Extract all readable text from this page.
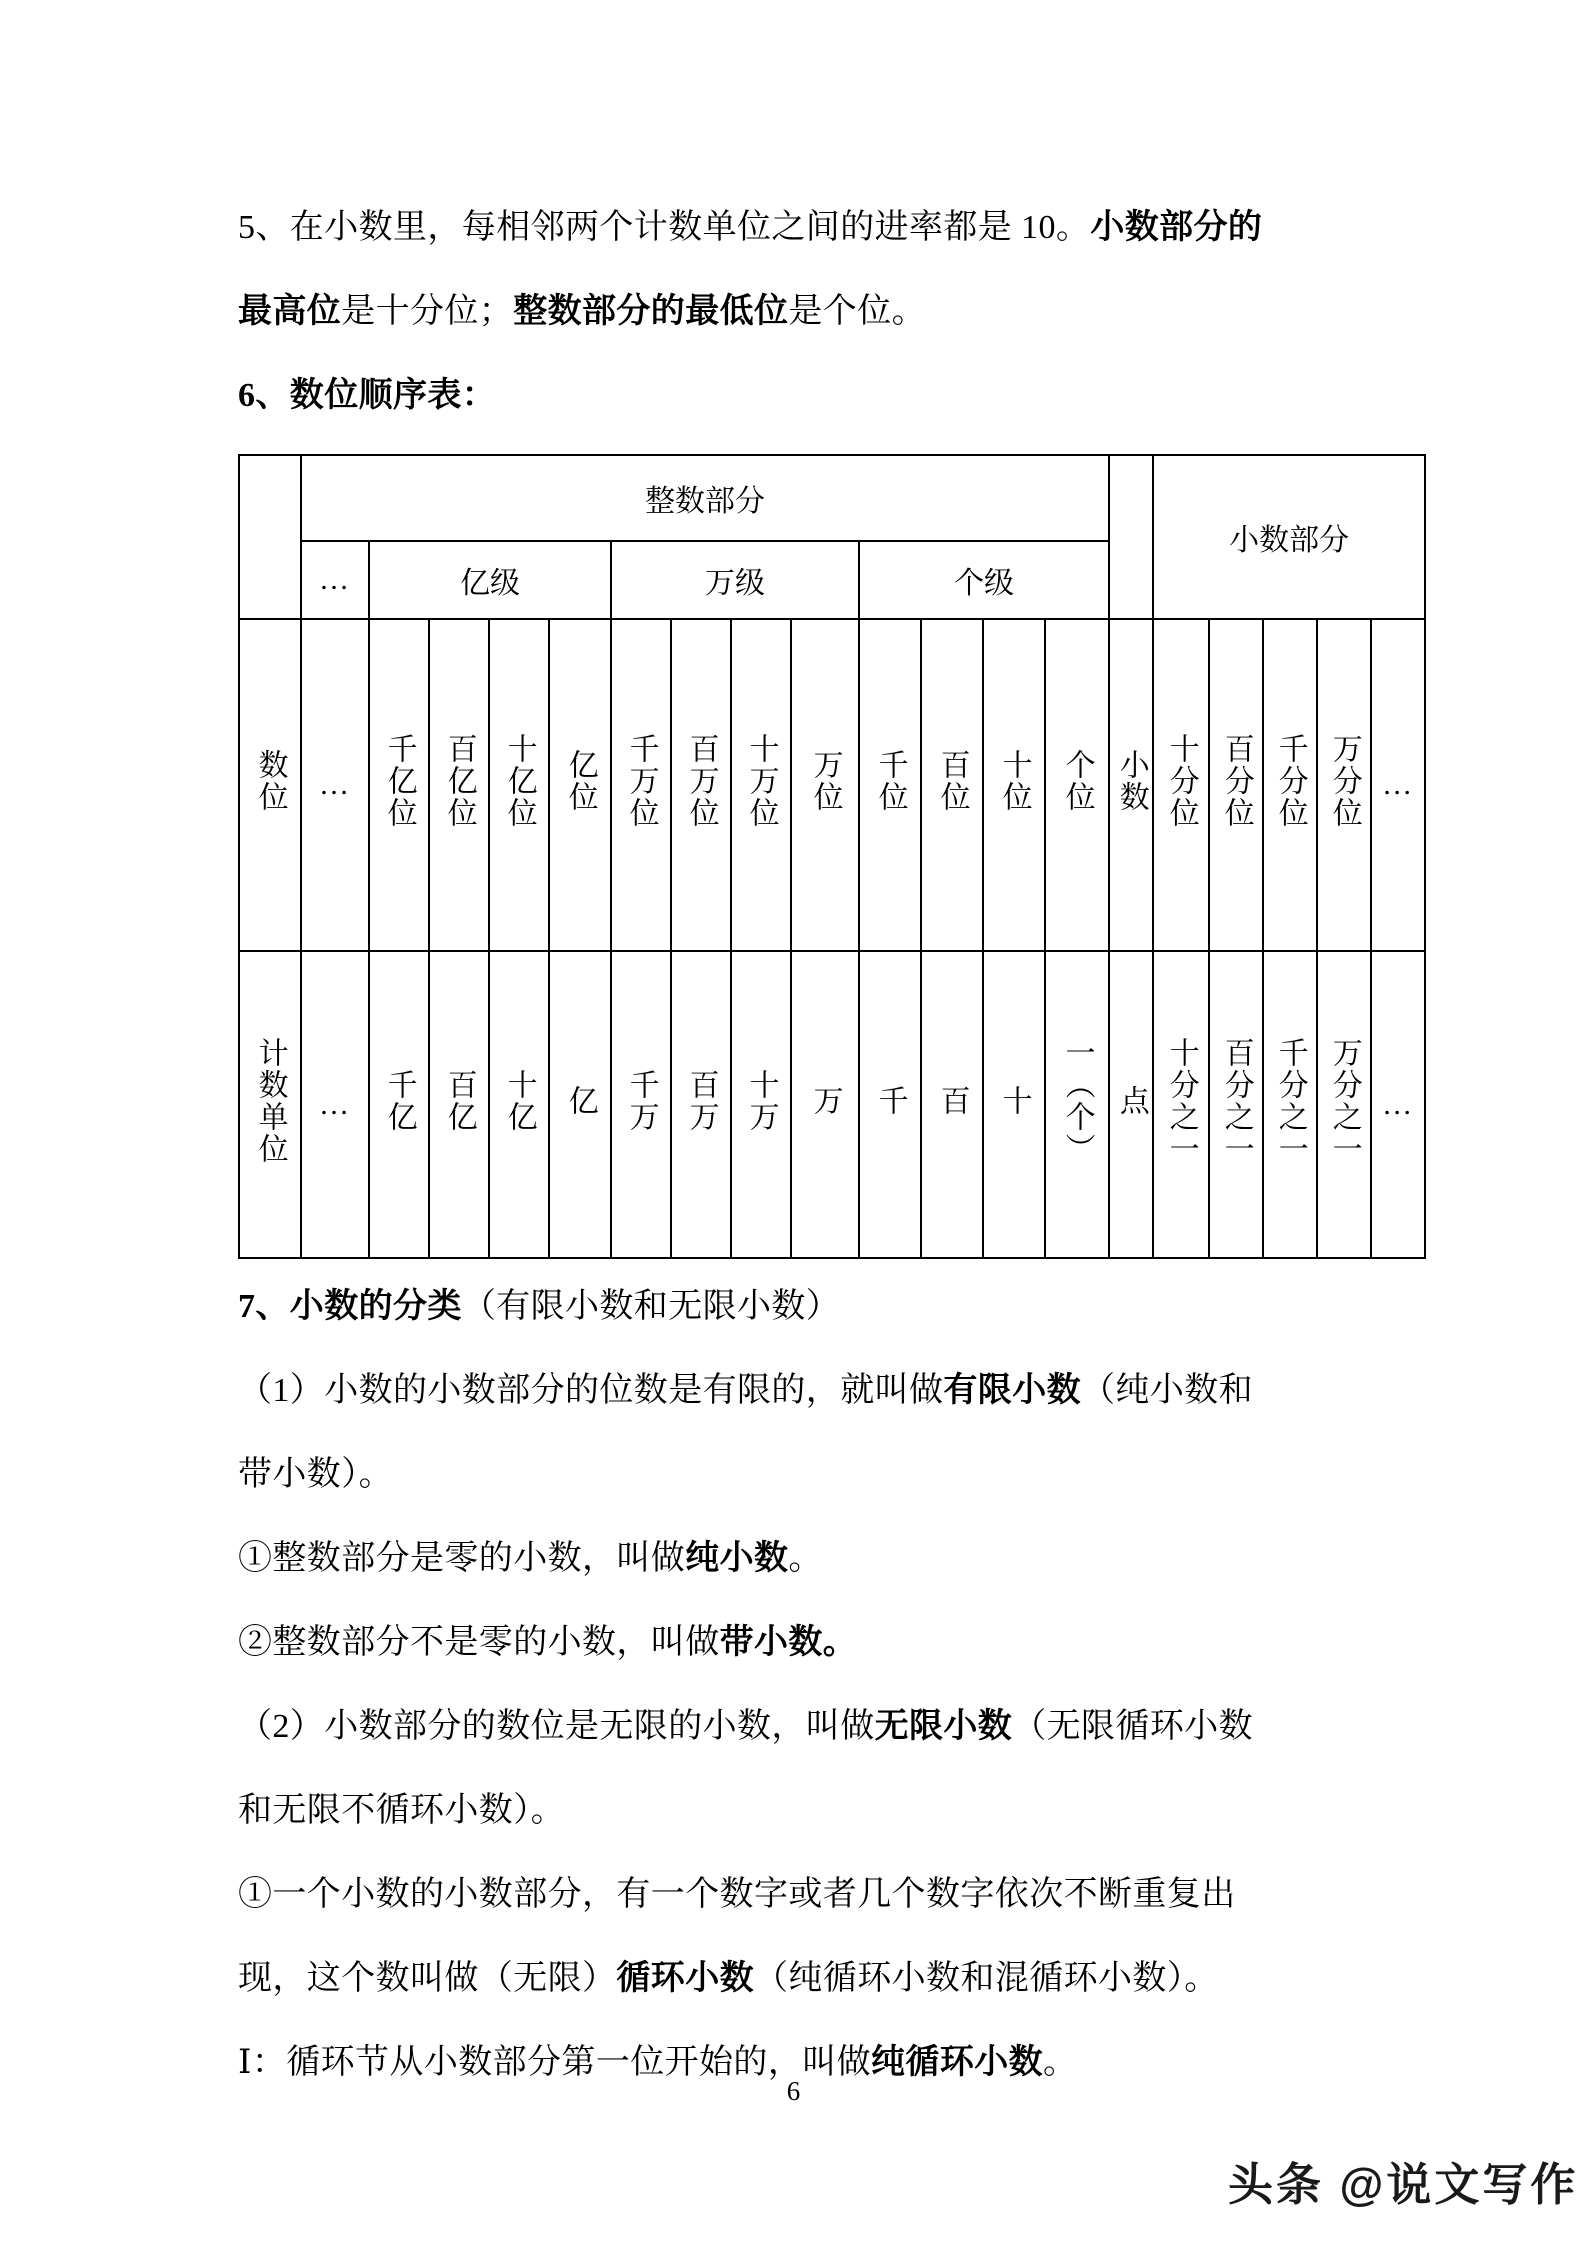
5、在小数里，每相邻两个计数单位之间的进率都是 10。小数部分的

最高位是十分位；整数部分的最低位是个位。

6、数位顺序表：

	整数部分														小数部分				
	…	亿级				万级				个级									
数位	…	千亿位	百亿位	十亿位	亿位	千万位	百万位	十万位	万位	千位	百位	十位	个位	小数	十分位	百分位	千分位	万分位	…
计数单位	…	千亿	百亿	十亿	亿	千万	百万	十万	万	千	百	十	一（个）	点	十分之一	百分之一	千分之一	万分之一	…

7、小数的分类（有限小数和无限小数）

（1）小数的小数部分的位数是有限的，就叫做有限小数（纯小数和

带小数）。

①整数部分是零的小数，叫做纯小数。

②整数部分不是零的小数，叫做带小数。

（2）小数部分的数位是无限的小数，叫做无限小数（无限循环小数

和无限不循环小数）。

①一个小数的小数部分，有一个数字或者几个数字依次不断重复出

现，这个数叫做（无限）循环小数（纯循环小数和混循环小数）。

Ⅰ：循环节从小数部分第一位开始的，叫做纯循环小数。

6
头条 @说文写作
